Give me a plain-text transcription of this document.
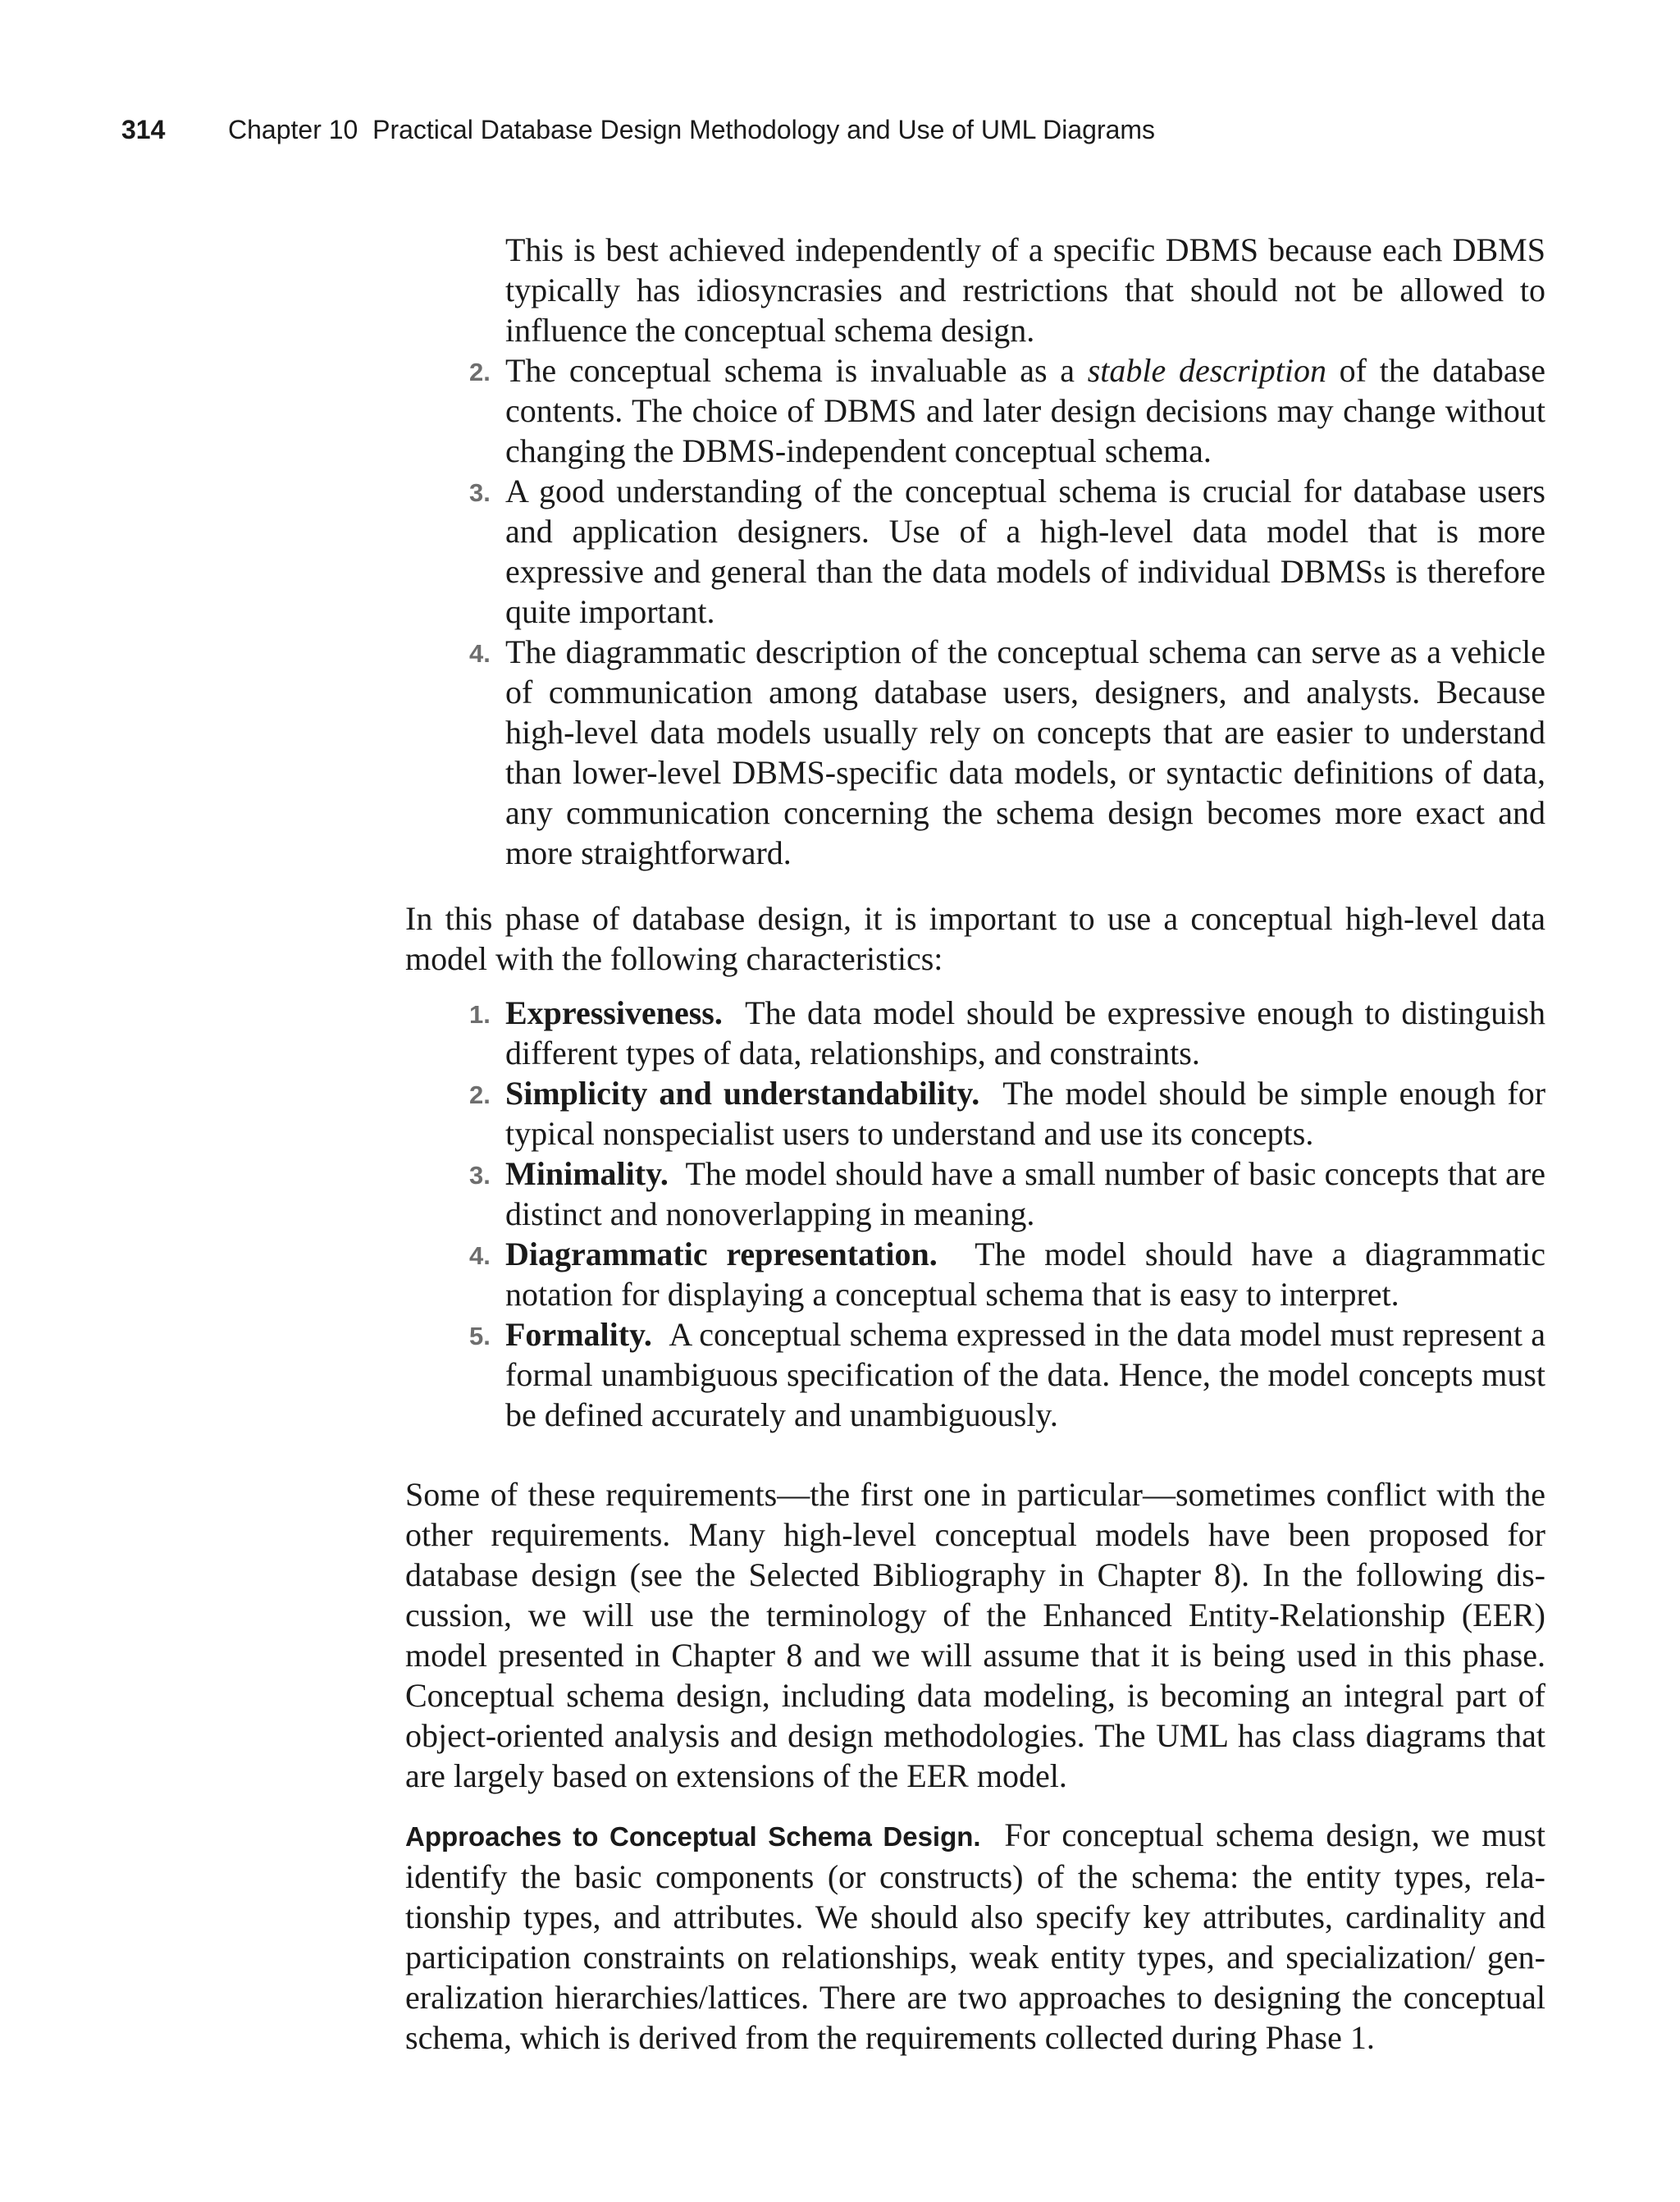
314 Chapter 10  Practical Database Design Methodology and Use of UML Diagrams

This is best achieved independently of a specific DBMS because each DBMS typically has idiosyncrasies and restrictions that should not be allowed to influence the conceptual schema design.

2. The conceptual schema is invaluable as a stable description of the database contents. The choice of DBMS and later design decisions may change without changing the DBMS-independent conceptual schema.

3. A good understanding of the conceptual schema is crucial for database users and application designers. Use of a high-level data model that is more expressive and general than the data models of individual DBMSs is therefore quite important.

4. The diagrammatic description of the conceptual schema can serve as a vehicle of communication among database users, designers, and analysts. Because high-level data models usually rely on concepts that are easier to understand than lower-level DBMS-specific data models, or syntactic definitions of data, any communication concerning the schema design becomes more exact and more straightforward.

In this phase of database design, it is important to use a conceptual high-level data model with the following characteristics:

1. Expressiveness. The data model should be expressive enough to distinguish different types of data, relationships, and constraints.

2. Simplicity and understandability. The model should be simple enough for typical nonspecialist users to understand and use its concepts.

3. Minimality. The model should have a small number of basic concepts that are distinct and nonoverlapping in meaning.

4. Diagrammatic representation. The model should have a diagrammatic notation for displaying a conceptual schema that is easy to interpret.

5. Formality. A conceptual schema expressed in the data model must represent a formal unambiguous specification of the data. Hence, the model concepts must be defined accurately and unambiguously.

Some of these requirements—the first one in particular—sometimes conflict with the other requirements. Many high-level conceptual models have been proposed for database design (see the Selected Bibliography in Chapter 8). In the following discussion, we will use the terminology of the Enhanced Entity-Relationship (EER) model presented in Chapter 8 and we will assume that it is being used in this phase. Conceptual schema design, including data modeling, is becoming an integral part of object-oriented analysis and design methodologies. The UML has class diagrams that are largely based on extensions of the EER model.

Approaches to Conceptual Schema Design. For conceptual schema design, we must identify the basic components (or constructs) of the schema: the entity types, relationship types, and attributes. We should also specify key attributes, cardinality and participation constraints on relationships, weak entity types, and specialization/ generalization hierarchies/lattices. There are two approaches to designing the conceptual schema, which is derived from the requirements collected during Phase 1.
